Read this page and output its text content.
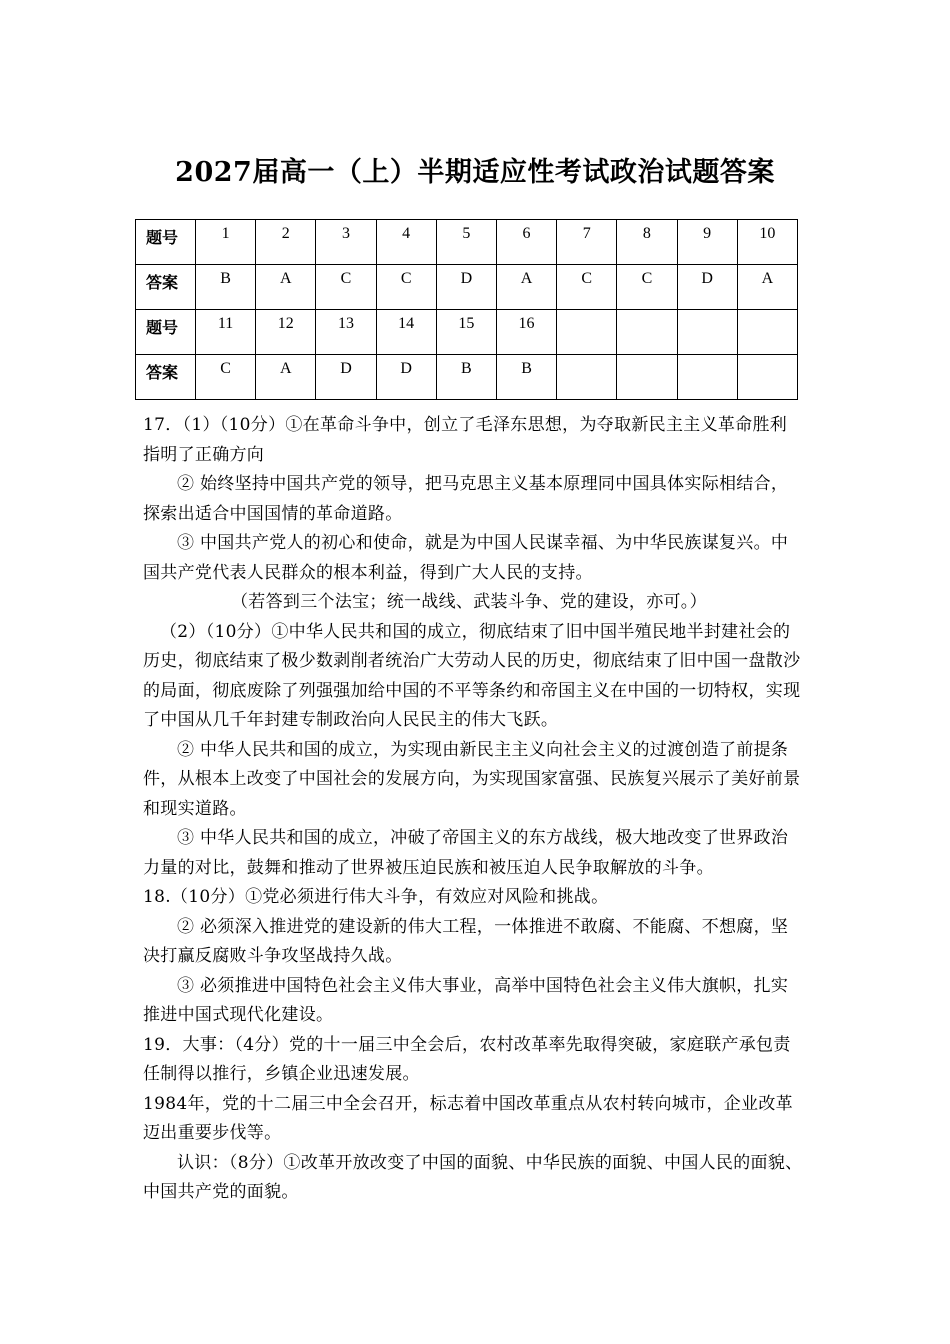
2027届高一（上）半期适应性考试政治试题答案
题号	1	2	3	4	5	6	7	8	9	10
答案	B	A	C	C	D	A	C	C	D	A
题号	11	12	13	14	15	16				
答案	C	A	D	D	B	B				

17．（1）（10分）①在革命斗争中，创立了毛泽东思想，为夺取新民主主义革命胜利指明了正确方向

② 始终坚持中国共产党的领导，把马克思主义基本原理同中国具体实际相结合，探索出适合中国国情的革命道路。

③ 中国共产党人的初心和使命，就是为中国人民谋幸福、为中华民族谋复兴。中国共产党代表人民群众的根本利益，得到广大人民的支持。

（若答到三个法宝；统一战线、武装斗争、党的建设，亦可。）

（2）（10分）①中华人民共和国的成立，彻底结束了旧中国半殖民地半封建社会的历史，彻底结束了极少数剥削者统治广大劳动人民的历史，彻底结束了旧中国一盘散沙的局面，彻底废除了列强强加给中国的不平等条约和帝国主义在中国的一切特权，实现了中国从几千年封建专制政治向人民民主的伟大飞跃。

② 中华人民共和国的成立，为实现由新民主主义向社会主义的过渡创造了前提条件，从根本上改变了中国社会的发展方向，为实现国家富强、民族复兴展示了美好前景和现实道路。

③ 中华人民共和国的成立，冲破了帝国主义的东方战线，极大地改变了世界政治力量的对比，鼓舞和推动了世界被压迫民族和被压迫人民争取解放的斗争。

18.（10分）①党必须进行伟大斗争，有效应对风险和挑战。

② 必须深入推进党的建设新的伟大工程，一体推进不敢腐、不能腐、不想腐，坚决打赢反腐败斗争攻坚战持久战。

③ 必须推进中国特色社会主义伟大事业，高举中国特色社会主义伟大旗帜，扎实推进中国式现代化建设。

19．大事：（4分）党的十一届三中全会后，农村改革率先取得突破，家庭联产承包责任制得以推行，乡镇企业迅速发展。

1984年，党的十二届三中全会召开，标志着中国改革重点从农村转向城市，企业改革迈出重要步伐等。

认识：（8分）①改革开放改变了中国的面貌、中华民族的面貌、中国人民的面貌、中国共产党的面貌。
